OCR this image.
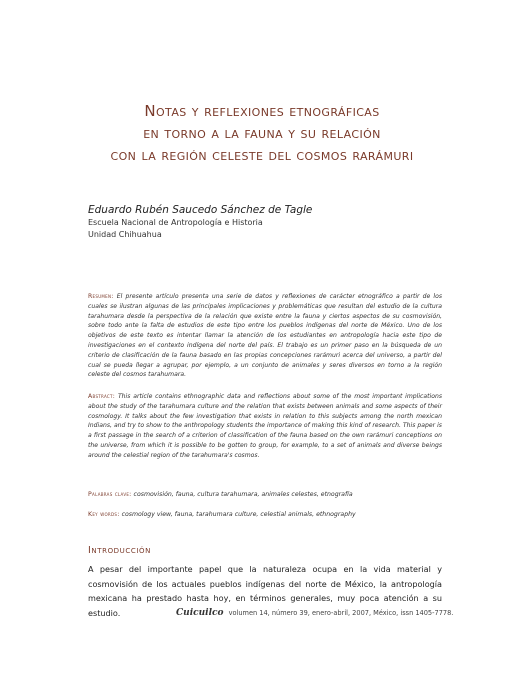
Notas y reflexiones etnográficas
en torno a la fauna y su relación
con la región celeste del cosmos rarámuri
Eduardo Rubén Saucedo Sánchez de Tagle
Escuela Nacional de Antropología e Historia
Unidad Chihuahua
Resumen: El presente artículo presenta una serie de datos y reflexiones de carácter etnográfico a partir de los cuales se ilustran algunas de las principales implicaciones y problemáticas que resultan del estudio de la cultura tarahumara desde la perspectiva de la relación que existe entre la fauna y ciertos aspectos de su cosmovisión, sobre todo ante la falta de estudios de este tipo entre los pueblos indígenas del norte de México. Uno de los objetivos de este texto es intentar llamar la atención de los estudiantes en antropología hacia este tipo de investigaciones en el contexto indígena del norte del país. El trabajo es un primer paso en la búsqueda de un criterio de clasificación de la fauna basado en las propias concepciones rarámuri acerca del universo, a partir del cual se pueda llegar a agrupar, por ejemplo, a un conjunto de animales y seres diversos en torno a la región celeste del cosmos tarahumara.
Abstract: This article contains ethnographic data and reflections about some of the most important implications about the study of the tarahumara culture and the relation that exists between animals and some aspects of their cosmology. It talks about the few investigation that exists in relation to this subjects among the north mexican Indians, and try to show to the anthropology students the importance of making this kind of research. This paper is a first passage in the search of a criterion of classification of the fauna based on the own rarámuri conceptions on the universe, from which it is possible to be gotten to group, for example, to a set of animals and diverse beings around the celestial region of the tarahumara's cosmos.
Palabras clave: cosmovisión, fauna, cultura tarahumara, animales celestes, etnografía
Key words: cosmology view, fauna, tarahumara culture, celestial animals, ethnography
Introducción
A pesar del importante papel que la naturaleza ocupa en la vida material y cosmovisión de los actuales pueblos indígenas del norte de México, la antropología mexicana ha prestado hasta hoy, en términos generales, muy poca atención a su estudio.	Cuicuilco volumen 14, número 39, enero-abril, 2007, México, issn 1405-7778.
